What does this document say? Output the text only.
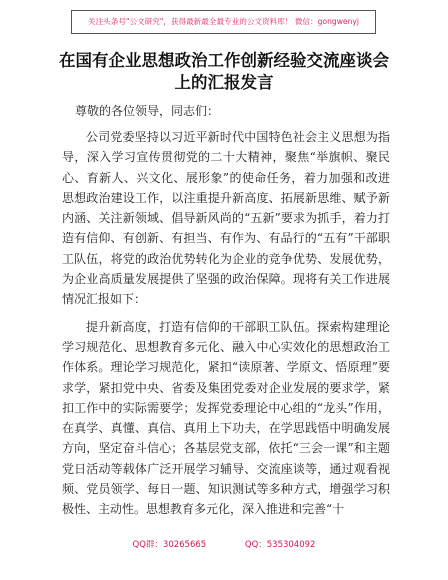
关注头条号"公文研究"，获得最新最全最专业的公文资料库！ 微信：gongwenyj
在国有企业思想政治工作创新经验交流座谈会
上的汇报发言
尊敬的各位领导，同志们：

公司党委坚持以习近平新时代中国特色社会主义思想为指导，深入学习宣传贯彻党的二十大精神，聚焦“举旗帜、聚民心、育新人、兴文化、展形象”的使命任务，着力加强和改进思想政治建设工作，以注重提升新高度、拓展新思维、赋予新内涵、关注新领域、倡导新风尚的“五新”要求为抓手，着力打造有信仰、有创新、有担当、有作为、有品行的“五有”干部职工队伍，将党的政治优势转化为企业的竞争优势、发展优势，为企业高质量发展提供了坚强的政治保障。现将有关工作进展情况汇报如下：

提升新高度，打造有信仰的干部职工队伍。探索构建理论学习规范化、思想教育多元化、融入中心实效化的思想政治工作体系。理论学习规范化，紧扣“读原著、学原文、悟原理”要求学，紧扣党中央、省委及集团党委对企业发展的要求学，紧扣工作中的实际需要学；发挥党委理论中心组的“龙头”作用，在真学、真懂、真信、真用上下功夫，在学思践悟中明确发展方向，坚定奋斗信心；各基层党支部，依托“三会一课”和主题党日活动等载体广泛开展学习辅导、交流座谈等，通过观看视频、党员领学、每日一题、知识测试等多种方式，增强学习积极性、主动性。思想教育多元化，深入推进和完善“十

QQ群：30265665	QQ：535304092
